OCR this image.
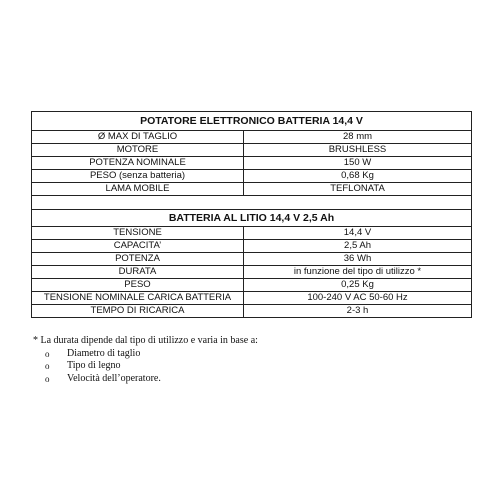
POTATORE ELETTRONICO BATTERIA 14,4 V	
Ø MAX DI TAGLIO	28 mm
MOTORE	BRUSHLESS
POTENZA NOMINALE	150 W
PESO (senza batteria)	0,68 Kg
LAMA MOBILE	TEFLONATA

BATTERIA AL LITIO 14,4 V 2,5 Ah	
TENSIONE	14,4 V
CAPACITA’	2,5 Ah
POTENZA	36 Wh
DURATA	in funzione del tipo di utilizzo *
PESO	0,25 Kg
TENSIONE NOMINALE CARICA BATTERIA	100-240 V AC 50-60 Hz
TEMPO DI RICARICA	2-3 h
* La durata dipende dal tipo di utilizzo e varia in base a:
o	Diametro di taglio
o	Tipo di legno
o	Velocità dell’operatore.
